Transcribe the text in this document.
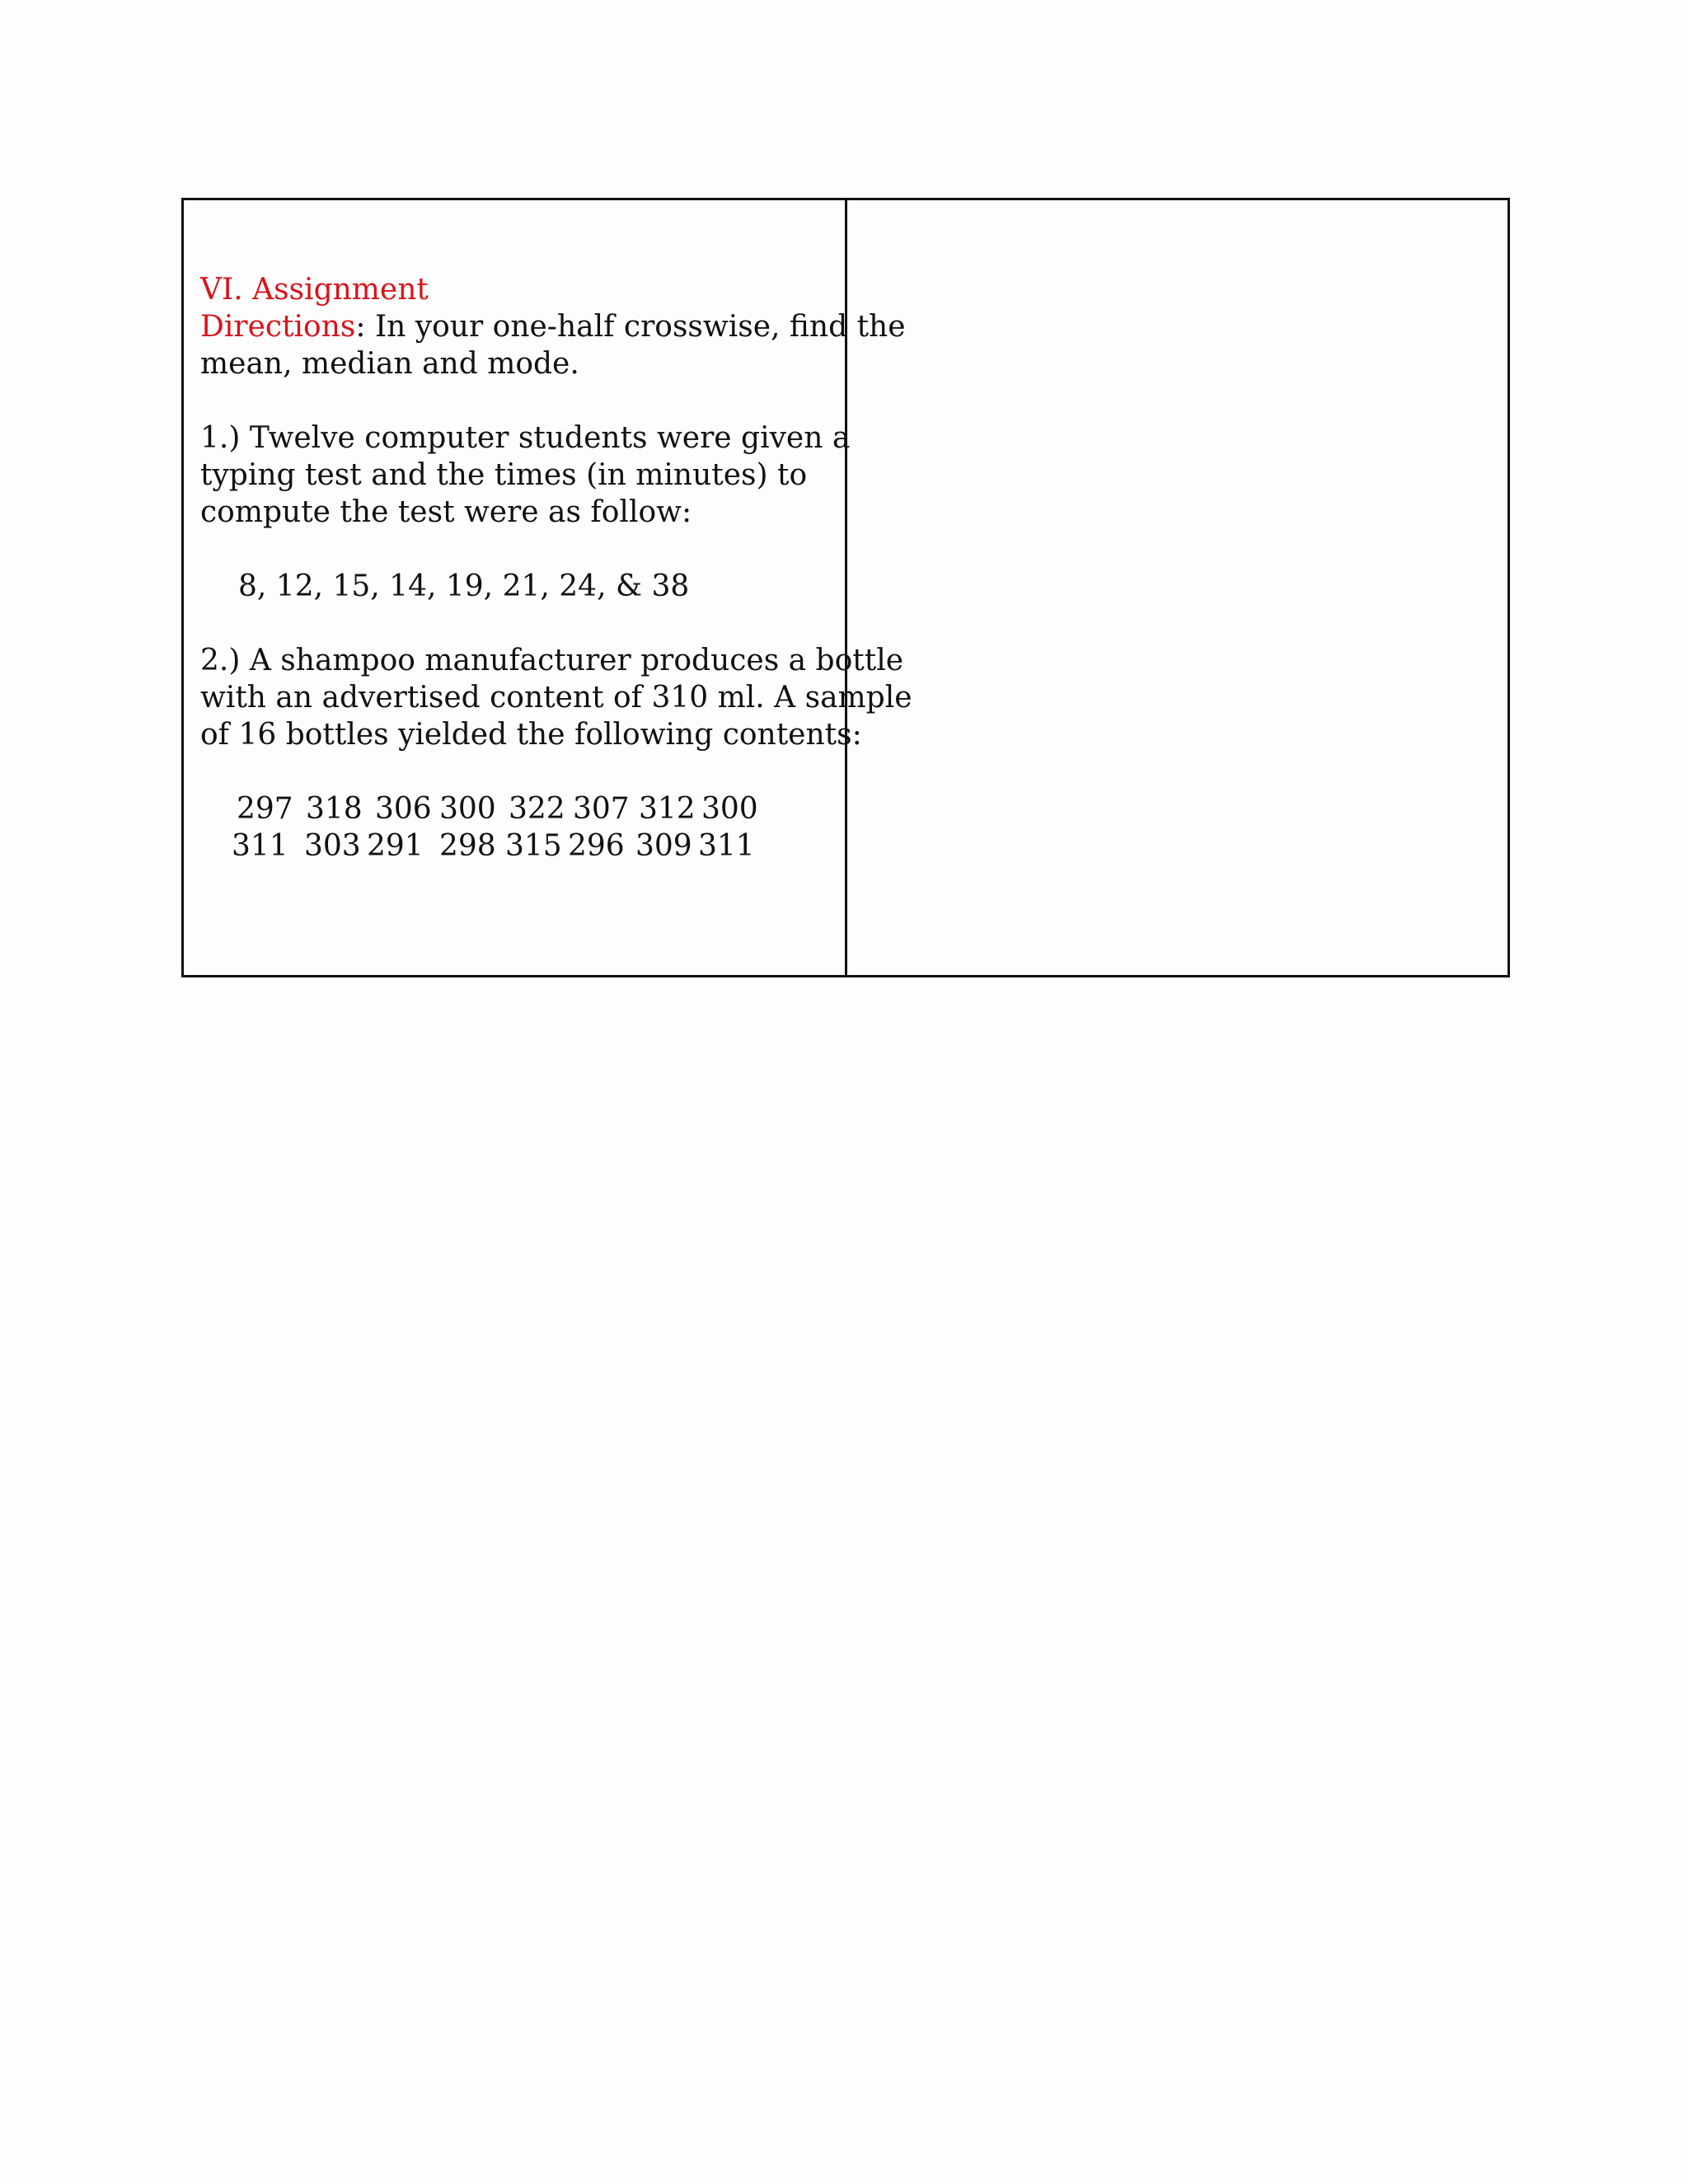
VI. Assignment

Directions: In your one-half crosswise, find the

mean, median and mode.

1.) Twelve computer students were given a

typing test and the times (in minutes) to

compute the test were as follow:

8, 12, 15, 14, 19, 21, 24, & 38

2.) A shampoo manufacturer produces a bottle

with an advertised content of 310 ml. A sample

of 16 bottles yielded the following contents:

297 318 306 300 322 307 312 300
311 303 291 298 315 296 309 311
